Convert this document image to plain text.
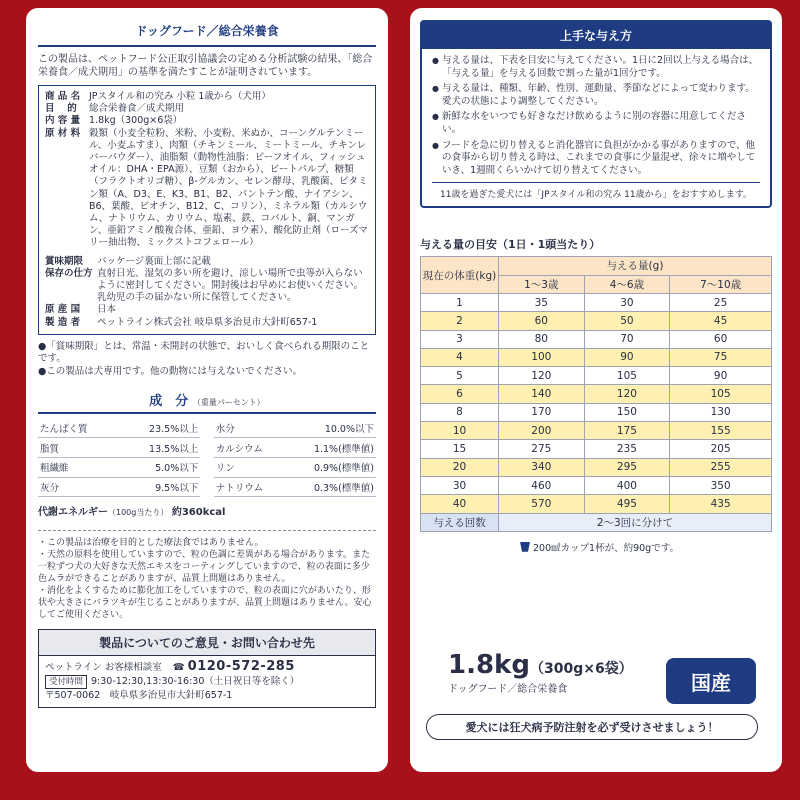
ドッグフード／総合栄養食
この製品は、ペットフード公正取引協議会の定める分析試験の結果、「総合栄養食／成犬期用」の基準を満たすことが証明されています。
商 品 名 JPスタイル和の究み 小粒 1歳から（犬用）
目　 的	総合栄養食／成犬期用
内 容 量 1.8kg（300g×6袋）
原 材 料 穀類（小麦全粒粉、米粉、小麦粉、米ぬか、コーングルテンミール、小麦ふすま）、肉類（チキンミール、ミートミール、チキンレバーパウダー）、油脂類（動物性油脂：ビーフオイル、フィッシュオイル：DHA・EPA源）、豆類（おから）、ビートパルプ、糖類（フラクトオリゴ糖）、β-グルカン、セレン酵母、乳酸菌、ビタミン類（A、D3、E、K3、B1、B2、パントテン酸、ナイアシン、B6、葉酸、ビオチン、B12、C、コリン）、ミネラル類（カルシウム、ナトリウム、カリウム、塩素、鉄、コバルト、銅、マンガン、亜鉛アミノ酸複合体、亜鉛、ヨウ素）、酸化防止剤（ローズマリー抽出物、ミックストコフェロール）
賞味期限	パッケージ裏面上部に記載
保存の仕方 直射日光、湿気の多い所を避け、涼しい場所で虫等が入らないように密封してください。開封後はお早めにお使いください。乳幼児の手の届かない所に保管してください。
原 産 国	日本
製 造 者	ペットライン株式会社 岐阜県多治見市大針町657-1
●「賞味期限」とは、常温・未開封の状態で、おいしく食べられる期限のことです。
●この製品は犬専用です。他の動物には与えないでください。
成　分 （重量パーセント）
たんぱく質	23.5%以上
脂質	13.5%以上
粗繊維	5.0%以下
灰分	9.5%以下
水分	10.0%以下
カルシウム	1.1%(標準値)
リン	0.9%(標準値)
ナトリウム	0.3%(標準値)
代謝エネルギー（100g当たり） 約360kcal
・この製品は治療を目的とした療法食ではありません。
・天然の原料を使用していますので、粒の色調に差異がある場合があります。また一粒ずつ犬の大好きな天然エキスをコーティングしていますので、粒の表面に多少色ムラができることがありますが、品質上問題はありません。
・消化をよくするために膨化加工をしていますので、粒の表面に穴があいたり、形状や大きさにバラツキが生じることがありますが、品質上問題はありません。安心してご使用ください。
製品についてのご意見・お問い合わせ先
ペットライン お客様相談室 ☎ 0120-572-285
受付時間 9:30-12:30,13:30-16:30（土日祝日等を除く）
〒507-0062　岐阜県多治見市大針町657-1
上手な与え方
● 与える量は、下表を目安に与えてください。1日に2回以上与える場合は、「与える量」を与える回数で割った量が1回分です。
● 与える量は、種類、年齢、性別、運動量、季節などによって変わります。愛犬の状態により調整してください。
● 新鮮な水をいつでも好きなだけ飲めるように別の容器に用意してください。
● フードを急に切り替えると消化器官に負担がかかる事がありますので、他の食事から切り替える時は、これまでの食事に少量混ぜ、徐々に増やしていき、1週間くらいかけて切り替えてください。
11歳を過ぎた愛犬には「JPスタイル和の究み 11歳から」をおすすめします。
与える量の目安（1日・1頭当たり）
現在の体重(kg)	与える量(g)		
	1〜3歳	4〜6歳	7〜10歳
1	35	30	25
2	60	50	45
3	80	70	60
4	100	90	75
5	120	105	90
6	140	120	105
8	170	150	130
10	200	175	155
15	275	235	205
20	340	295	255
30	460	400	350
40	570	495	435
与える回数	2〜3回に分けて		
200㎖カップ1杯が、約90gです。
1.8kg（300g×6袋）
ドッグフード／総合栄養食	国産
愛犬には狂犬病予防注射を必ず受けさせましょう！
